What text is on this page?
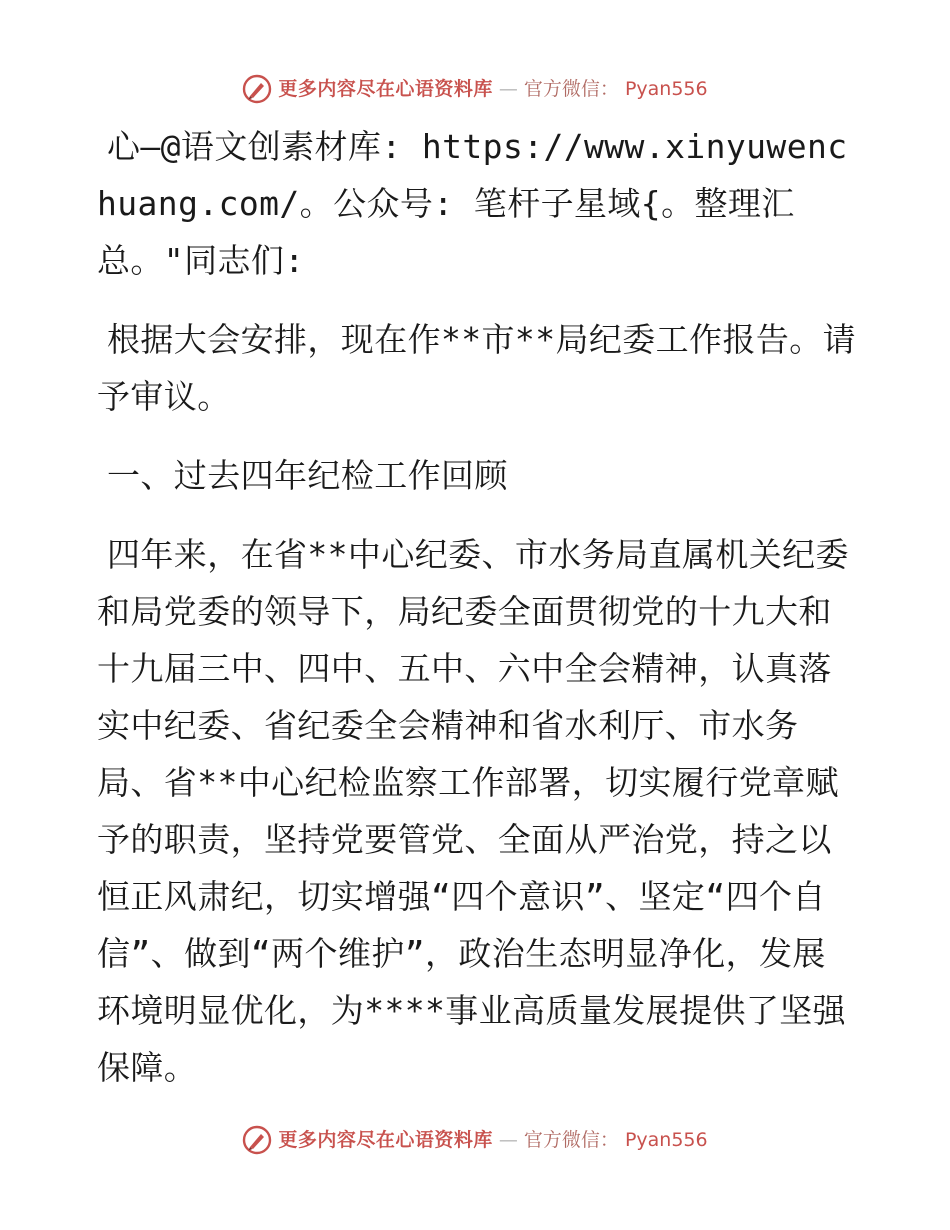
更多内容尽在心语资料库 — 官方微信： Pyan556

心—@语文创素材库: https://www.xinyuwenchuang.com/。公众号: 笔杆子星域{。整理汇总。"同志们:

根据大会安排，现在作**市**局纪委工作报告。请予审议。

一、过去四年纪检工作回顾

四年来，在省**中心纪委、市水务局直属机关纪委和局党委的领导下，局纪委全面贯彻党的十九大和十九届三中、四中、五中、六中全会精神，认真落实中纪委、省纪委全会精神和省水利厅、市水务局、省**中心纪检监察工作部署，切实履行党章赋予的职责，坚持党要管党、全面从严治党，持之以恒正风肃纪，切实增强“四个意识”、坚定“四个自信”、做到“两个维护”，政治生态明显净化，发展环境明显优化，为****事业高质量发展提供了坚强保障。

更多内容尽在心语资料库 — 官方微信： Pyan556
